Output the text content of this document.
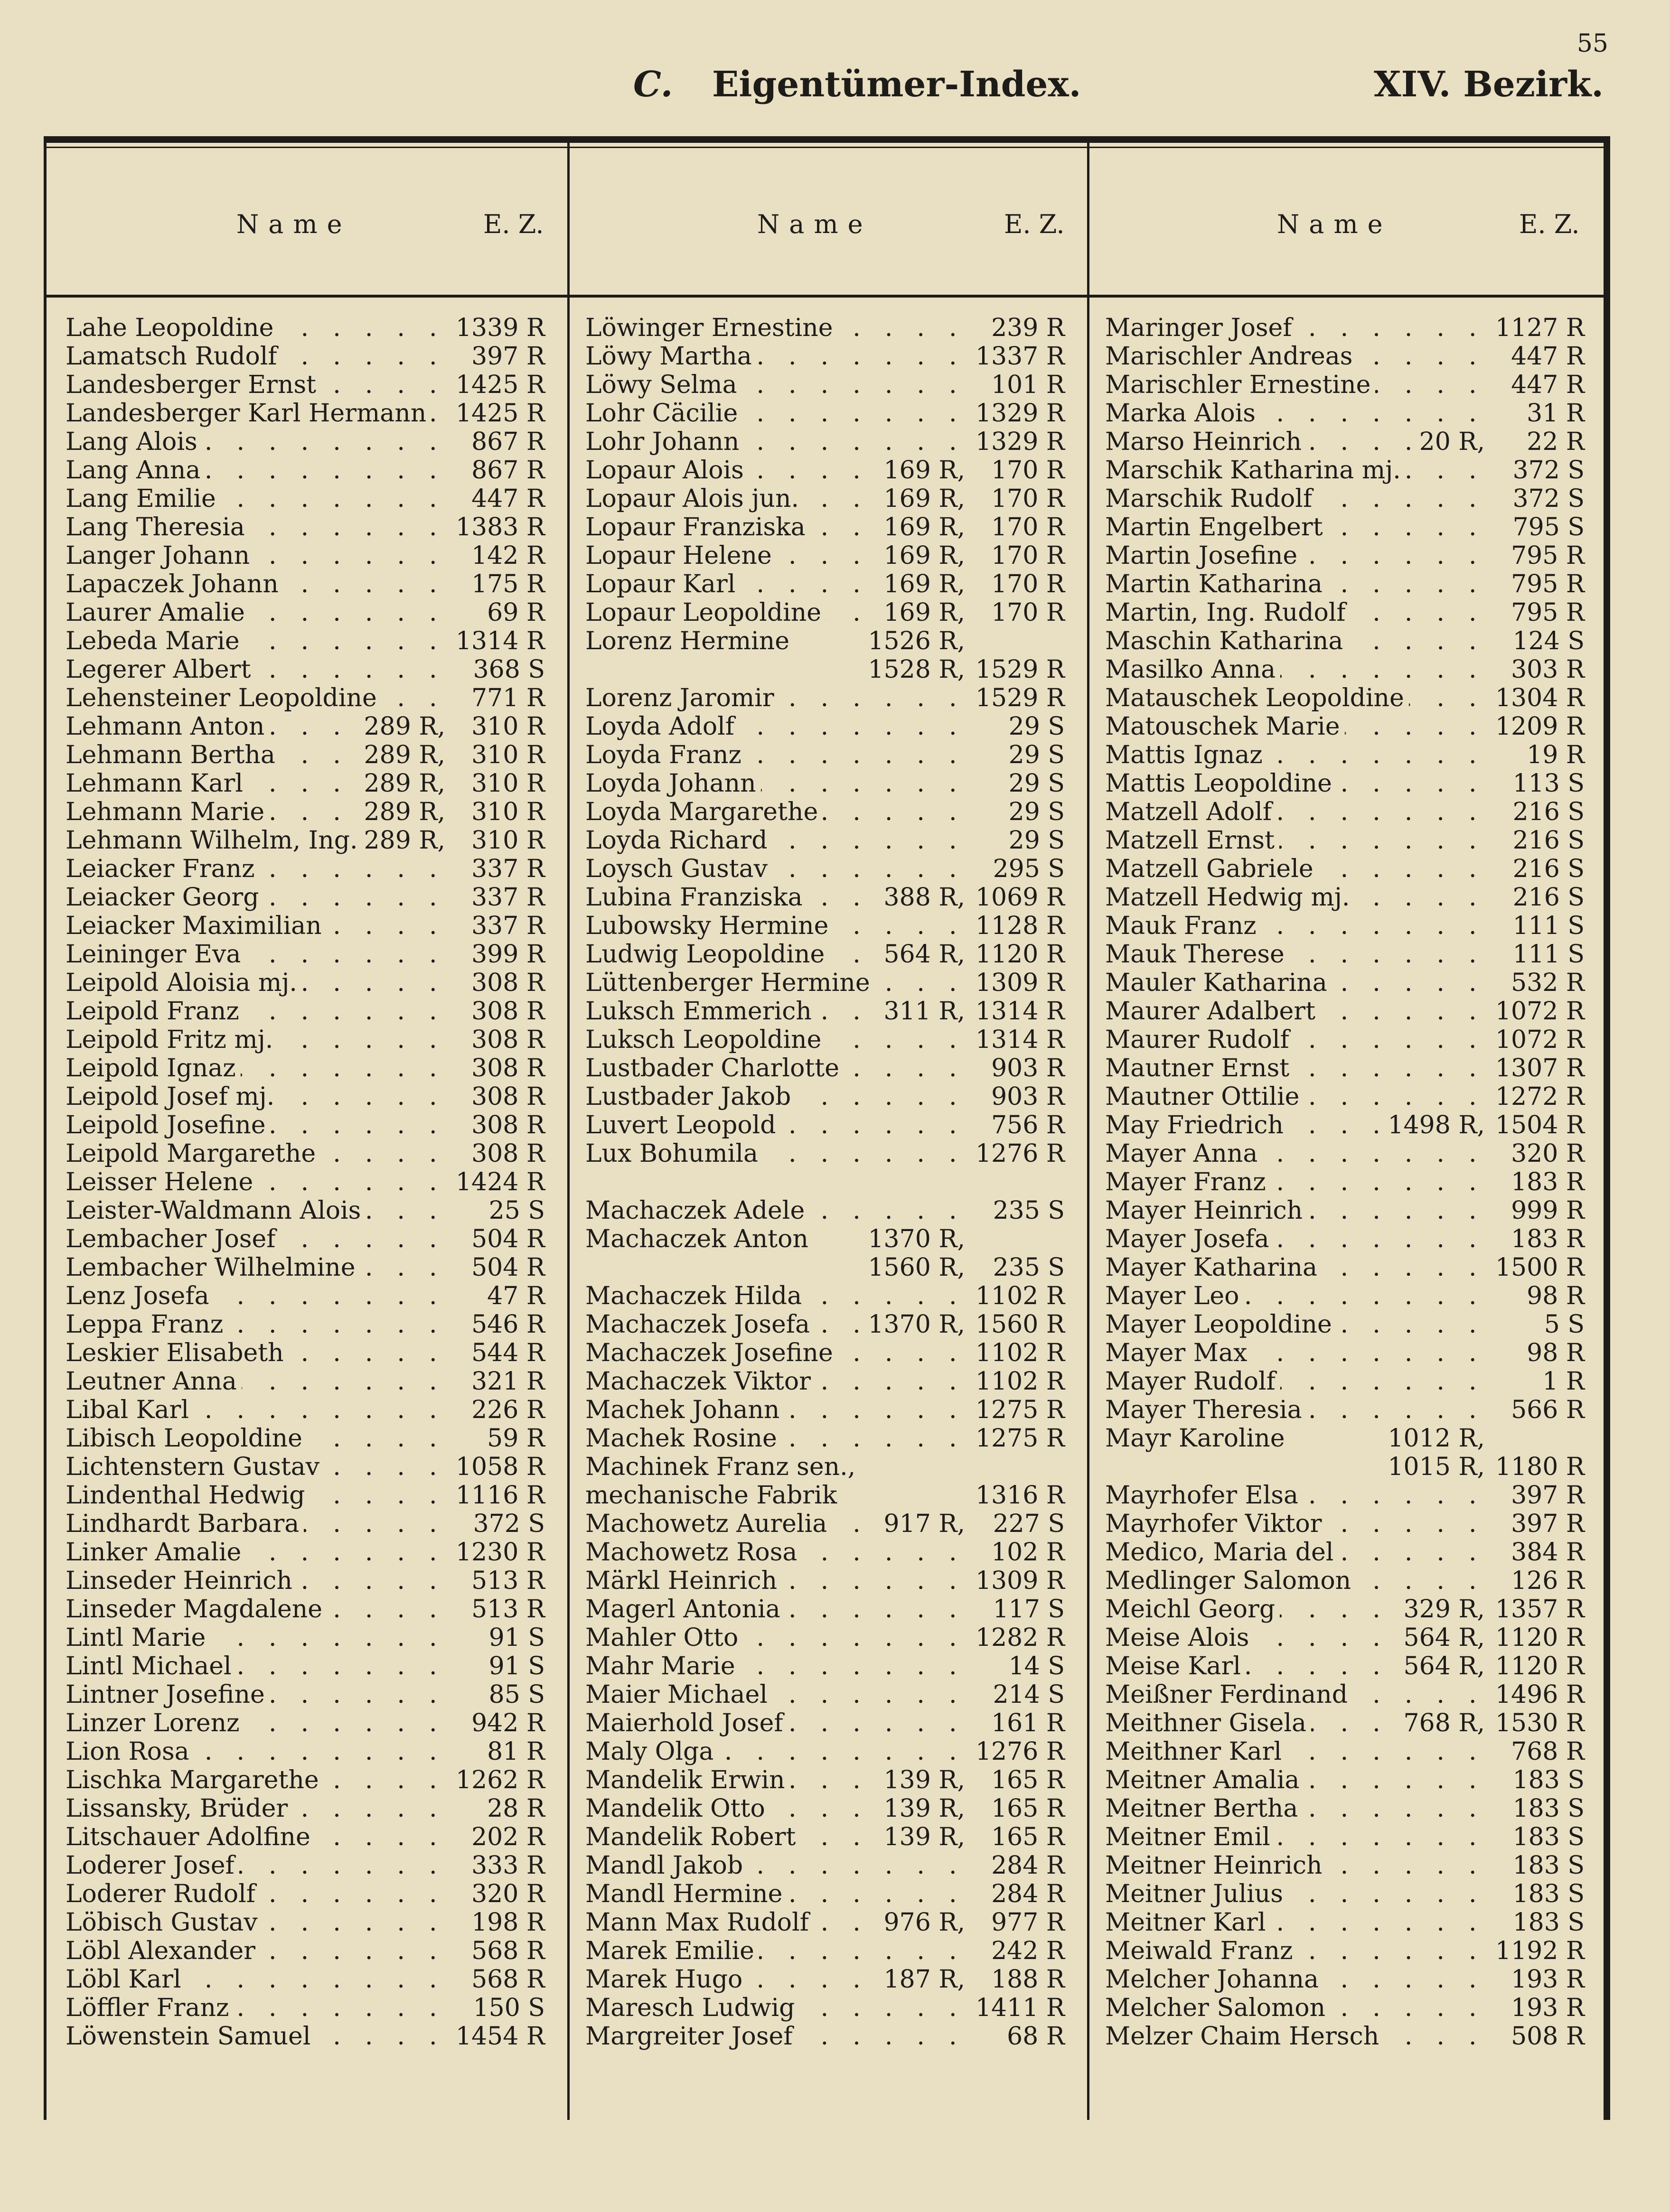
55
C. Eigentümer-Index.	XIV. Bezirk.
Name	E. Z.	Name	E. Z.	Name	E. Z.
. .
Lahe Leopoldine	1339 R
. .
Lamatsch Rudolf	397 R
. .
Landesberger Ernst	1425 R
. .
Landesberger Karl Hermann 1425 R
. .
Lang Alois	867 R
. .
Lang Anna	867 R
. .
Lang Emilie	447 R
. .
Lang Theresia	1383 R
. .
Langer Johann	142 R
. .
Lapaczek Johann	175 R
. .
Laurer Amalie	69 R
. .
Lebeda Marie	1314 R
. .
Legerer Albert	368 S
. .
Lehensteiner Leopoldine	771 R
. .
Lehmann Anton	289 R, 310 R
. .
Lehmann Bertha	289 R, 310 R
. .
Lehmann Karl	289 R, 310 R
. .
Lehmann Marie	289 R, 310 R
. .
Lehmann Wilhelm, Ing. 289 R, 310 R
. .
Leiacker Franz	337 R
. .
Leiacker Georg	337 R
. .
Leiacker Maximilian	337 R
. .
Leininger Eva	399 R
. .
Leipold Aloisia mj.	308 R
. .
Leipold Franz	308 R
. .
Leipold Fritz mj.	308 R
. .
Leipold Ignaz	308 R
. .
Leipold Josef mj.	308 R
. .
Leipold Josefine	308 R
. .
Leipold Margarethe	308 R
. .
Leisser Helene	1424 R
. .
Leister-Waldmann Alois	25 S
. .
Lembacher Josef	504 R
. .
Lembacher Wilhelmine	504 R
. .
Lenz Josefa	47 R
. .
Leppa Franz	546 R
. .
Leskier Elisabeth	544 R
. .
Leutner Anna	321 R
. .
Libal Karl	226 R
. .
Libisch Leopoldine	59 R
. .
Lichtenstern Gustav	1058 R
. .
Lindenthal Hedwig	1116 R
. .
Lindhardt Barbara	372 S
. .
Linker Amalie	1230 R
. .
Linseder Heinrich	513 R
. .
Linseder Magdalene	513 R
. .
Lintl Marie	91 S
. .
Lintl Michael	91 S
. .
Lintner Josefine	85 S
. .
Linzer Lorenz	942 R
. .
Lion Rosa	81 R
. .
Lischka Margarethe	1262 R
. .
Lissansky, Brüder	28 R
. .
Litschauer Adolfine	202 R
. .
Loderer Josef	333 R
. .
Loderer Rudolf	320 R
. .
Löbisch Gustav	198 R
. .
Löbl Alexander	568 R
. .
Löbl Karl	568 R
. .
Löffler Franz	150 S
. .
Löwenstein Samuel	1454 R
. .
Löwinger Ernestine	239 R
. .
Löwy Martha	1337 R
. .
Löwy Selma	101 R
. .
Lohr Cäcilie	1329 R
. .
Lohr Johann	1329 R
. .
Lopaur Alois	169 R, 170 R
. .
Lopaur Alois jun.	169 R, 170 R
. .
Lopaur Franziska	169 R, 170 R
. .
Lopaur Helene	169 R, 170 R
. .
Lopaur Karl	169 R, 170 R
. .
Lopaur Leopoldine	169 R, 170 R
Lorenz Hermine	1526 R,
1528 R, 1529 R
. .
Lorenz Jaromir	1529 R
. .
Loyda Adolf	29 S
. .
Loyda Franz	29 S
. .
Loyda Johann	29 S
. .
Loyda Margarethe	29 S
. .
Loyda Richard	29 S
. .
Loysch Gustav	295 S
. .
Lubina Franziska	388 R, 1069 R
. .
Lubowsky Hermine	1128 R
. .
Ludwig Leopoldine 564 R, 1120 R
. .
Lüttenberger Hermine	1309 R
. .
Luksch Emmerich	311 R, 1314 R
. .
Luksch Leopoldine	1314 R
. .
Lustbader Charlotte	903 R
. .
Lustbader Jakob	903 R
. .
Luvert Leopold	756 R
. .
Lux Bohumila	1276 R
. .
Machaczek Adele	235 S
Machaczek Anton 1370 R,
1560 R, 235 S
. .
Machaczek Hilda	1102 R
. .
Machaczek Josefa 1370 R, 1560 R
. .
Machaczek Josefine	1102 R
. .
Machaczek Viktor	1102 R
. .
Machek Johann	1275 R
. .
Machek Rosine	1275 R
Machinek Franz sen., mechanische Fabrik	1316 R
. .
Machowetz Aurelia 917 R, 227 S
. .
Machowetz Rosa	102 R
. .
Märkl Heinrich	1309 R
. .
Magerl Antonia	117 S
. .
Mahler Otto	1282 R
. .
Mahr Marie	14 S
. .
Maier Michael	214 S
. .
Maierhold Josef	161 R
. .
Maly Olga	1276 R
. .
Mandelik Erwin	139 R, 165 R
. .
Mandelik Otto	139 R, 165 R
. .
Mandelik Robert	139 R, 165 R
. .
Mandl Jakob	284 R
. .
Mandl Hermine	284 R
. .
Mann Max Rudolf	976 R, 977 R
. .
Marek Emilie	242 R
. .
Marek Hugo	187 R, 188 R
. .
Maresch Ludwig	1411 R
. .
Margreiter Josef	68 R
. .
Maringer Josef	1127 R
. .
Marischler Andreas	447 R
. .
Marischler Ernestine	447 R
. .
Marka Alois	31 R
. .
Marso Heinrich	20 R, 22 R
. .
Marschik Katharina mj.	372 S
. .
Marschik Rudolf	372 S
. .
Martin Engelbert	795 S
. .
Martin Josefine	795 R
. .
Martin Katharina	795 R
. .
Martin, Ing. Rudolf	795 R
. .
Maschin Katharina	124 S
. .
Masilko Anna	303 R
. .
Matauschek Leopoldine	1304 R
. .
Matouschek Marie	1209 R
. .
Mattis Ignaz	19 R
. .
Mattis Leopoldine	113 S
. .
Matzell Adolf	216 S
. .
Matzell Ernst	216 S
. .
Matzell Gabriele	216 S
. .
Matzell Hedwig mj.	216 S
. .
Mauk Franz	111 S
. .
Mauk Therese	111 S
. .
Mauler Katharina	532 R
. .
Maurer Adalbert	1072 R
. .
Maurer Rudolf	1072 R
. .
Mautner Ernst	1307 R
. .
Mautner Ottilie	1272 R
. .
May Friedrich	1498 R, 1504 R
. .
Mayer Anna	320 R
. .
Mayer Franz	183 R
. .
Mayer Heinrich	999 R
. .
Mayer Josefa	183 R
. .
Mayer Katharina	1500 R
. .
Mayer Leo	98 R
. .
Mayer Leopoldine	5 S
. .
Mayer Max	98 R
. .
Mayer Rudolf	1 R
. .
Mayer Theresia	566 R
Mayr Karoline	1012 R,
1015 R, 1180 R
. .
Mayrhofer Elsa	397 R
. .
Mayrhofer Viktor	397 R
. .
Medico, Maria del	384 R
. .
Medlinger Salomon	126 R
. .
Meichl Georg	329 R, 1357 R
. .
Meise Alois	564 R, 1120 R
. .
Meise Karl	564 R, 1120 R
. .
Meißner Ferdinand	1496 R
. .
Meithner Gisela	768 R, 1530 R
. .
Meithner Karl	768 R
. .
Meitner Amalia	183 S
. .
Meitner Bertha	183 S
. .
Meitner Emil	183 S
. .
Meitner Heinrich	183 S
. .
Meitner Julius	183 S
. .
Meitner Karl	183 S
. .
Meiwald Franz	1192 R
. .
Melcher Johanna	193 R
. .
Melcher Salomon	193 R
. .
Melzer Chaim Hersch	508 R
